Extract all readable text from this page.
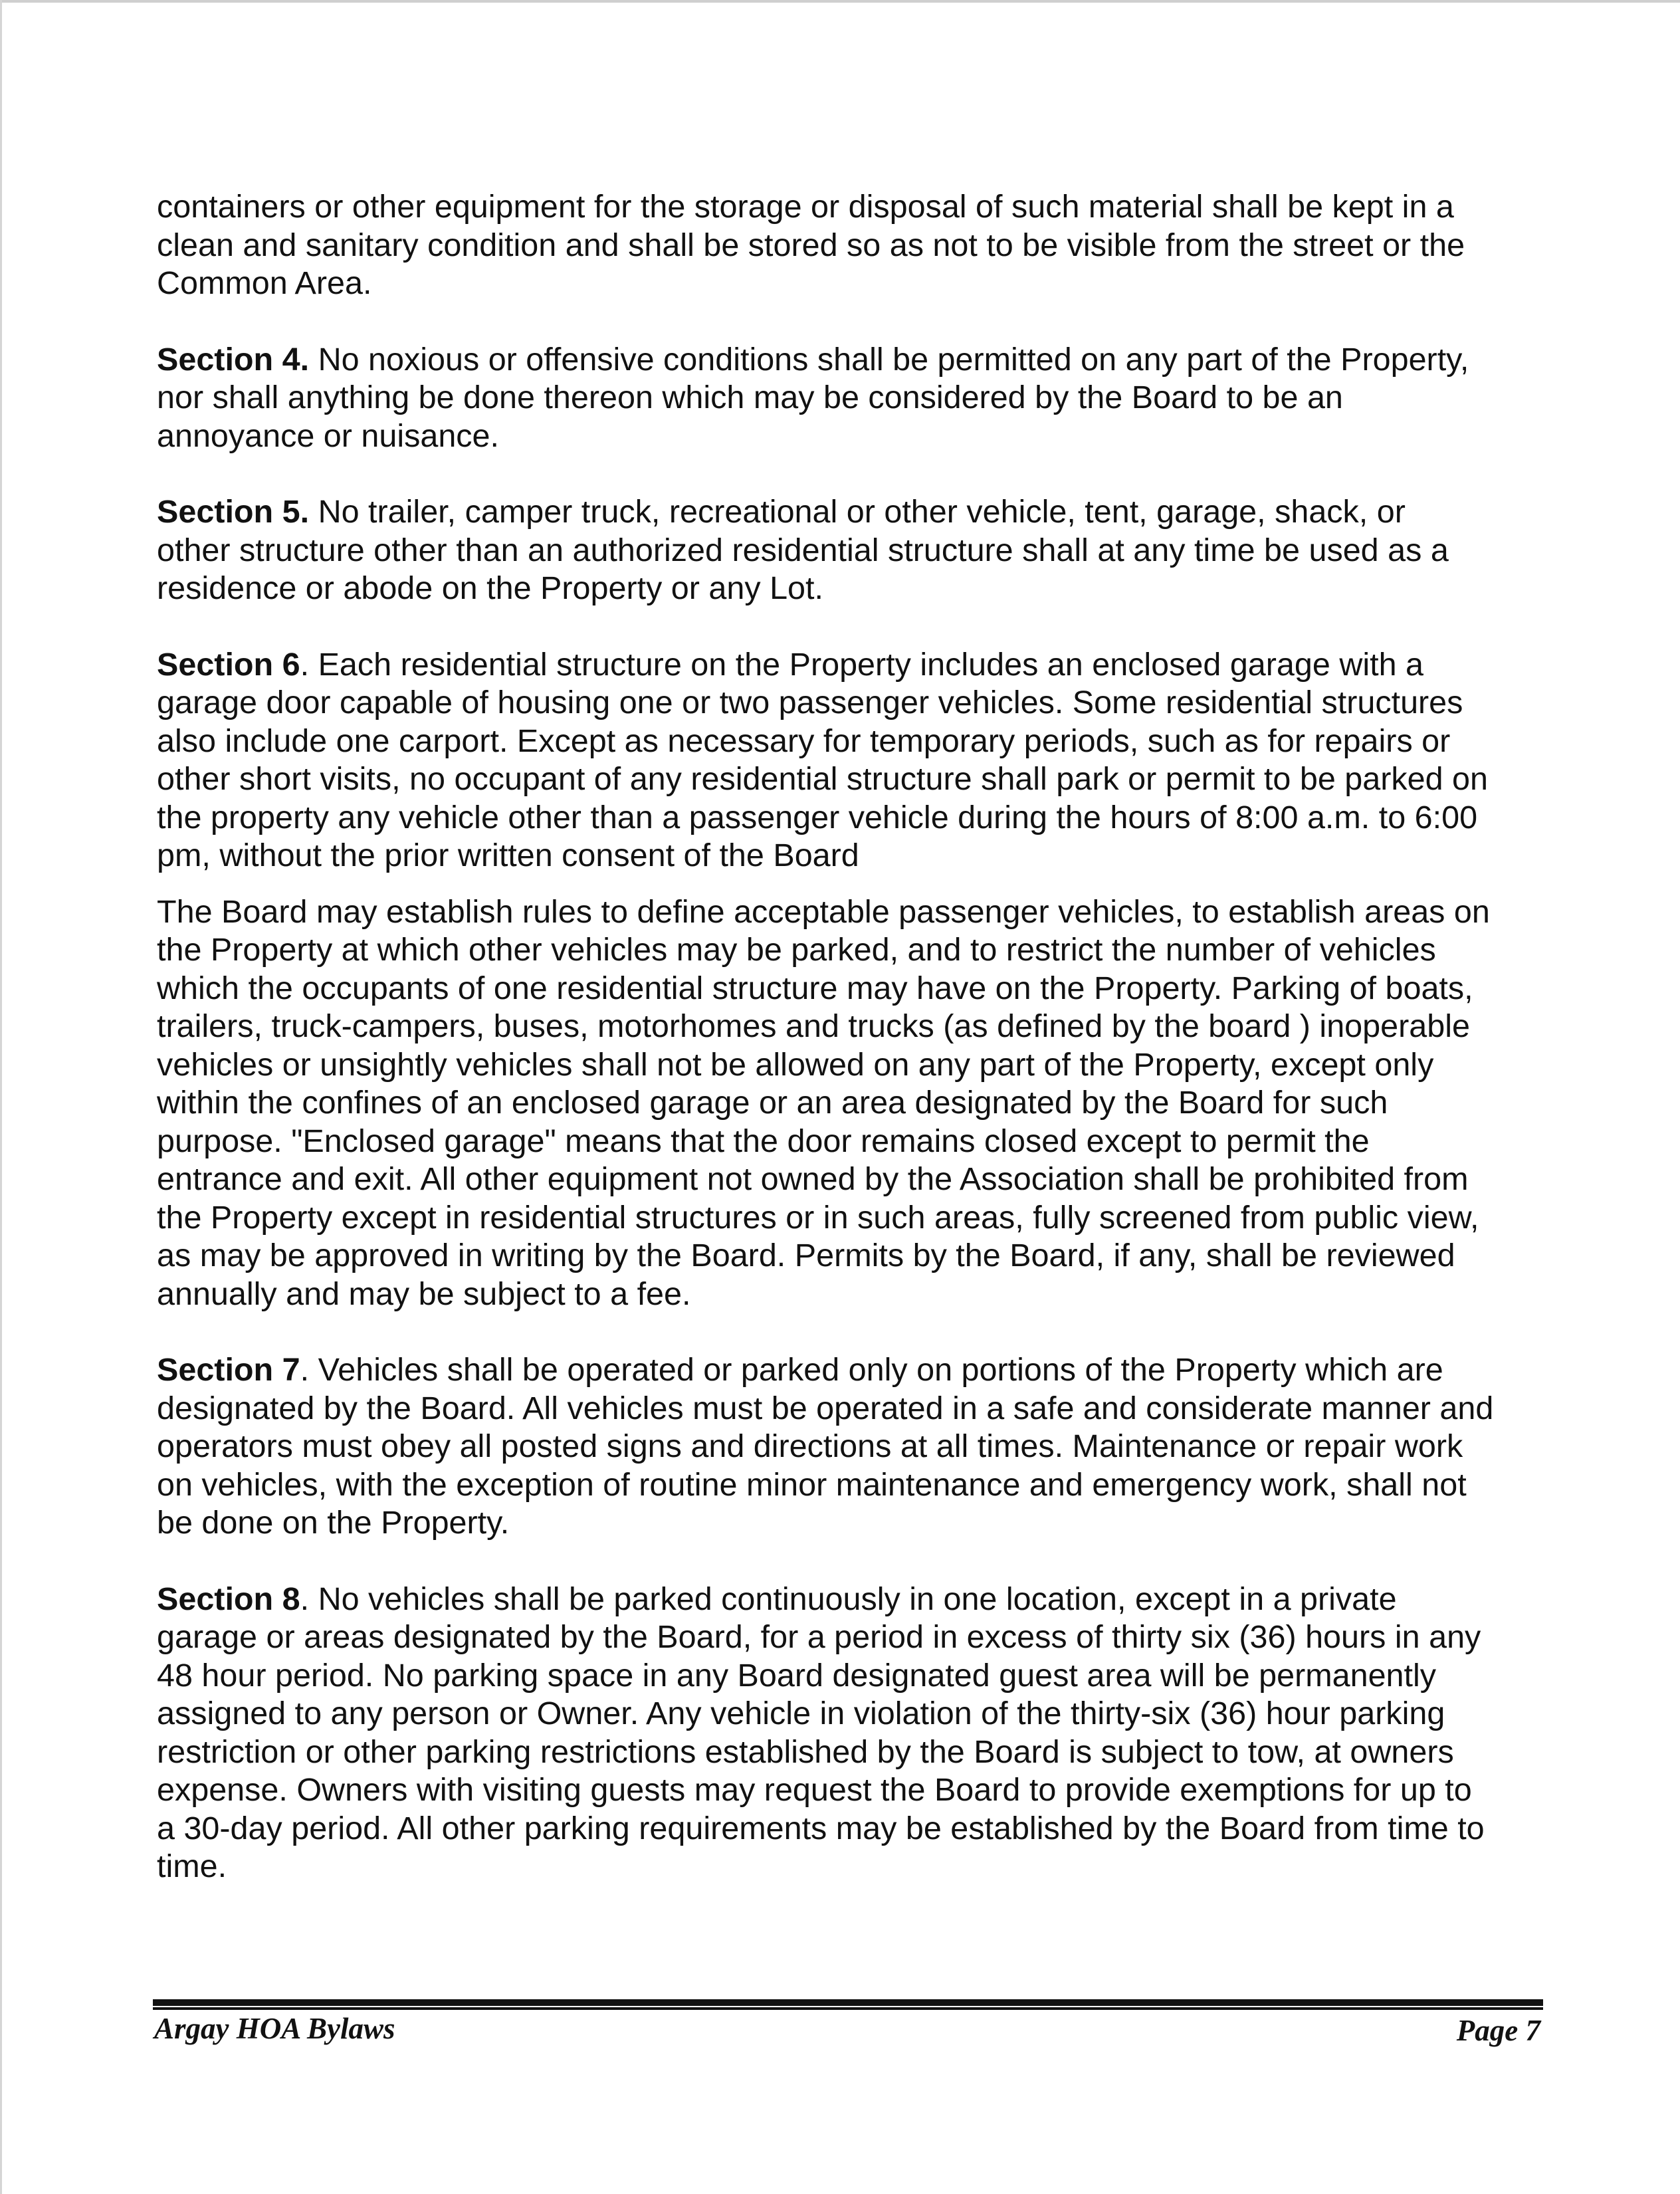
containers or other equipment for the storage or disposal of such material shall be kept in a
clean and sanitary condition and shall be stored so as not to be visible from the street or the
Common Area.

Section 4. No noxious or offensive conditions shall be permitted on any part of the Property,
nor shall anything be done thereon which may be considered by the Board to be an
annoyance or nuisance.

Section 5. No trailer, camper truck, recreational or other vehicle, tent, garage, shack, or
other structure other than an authorized residential structure shall at any time be used as a
residence or abode on the Property or any Lot.

Section 6. Each residential structure on the Property includes an enclosed garage with a
garage door capable of housing one or two passenger vehicles. Some residential structures
also include one carport. Except as necessary for temporary periods, such as for repairs or
other short visits, no occupant of any residential structure shall park or permit to be parked on
the property any vehicle other than a passenger vehicle during the hours of 8:00 a.m. to 6:00
pm, without the prior written consent of the Board

The Board may establish rules to define acceptable passenger vehicles, to establish areas on
the Property at which other vehicles may be parked, and to restrict the number of vehicles
which the occupants of one residential structure may have on the Property. Parking of boats,
trailers, truck-campers, buses, motorhomes and trucks (as defined by the board ) inoperable
vehicles or unsightly vehicles shall not be allowed on any part of the Property, except only
within the confines of an enclosed garage or an area designated by the Board for such
purpose. "Enclosed garage" means that the door remains closed except to permit the
entrance and exit. All other equipment not owned by the Association shall be prohibited from
the Property except in residential structures or in such areas, fully screened from public view,
as may be approved in writing by the Board. Permits by the Board, if any, shall be reviewed
annually and may be subject to a fee.

Section 7. Vehicles shall be operated or parked only on portions of the Property which are
designated by the Board. All vehicles must be operated in a safe and considerate manner and
operators must obey all posted signs and directions at all times. Maintenance or repair work
on vehicles, with the exception of routine minor maintenance and emergency work, shall not
be done on the Property.

Section 8. No vehicles shall be parked continuously in one location, except in a private
garage or areas designated by the Board, for a period in excess of thirty six (36) hours in any
48 hour period. No parking space in any Board designated guest area will be permanently
assigned to any person or Owner. Any vehicle in violation of the thirty-six (36) hour parking
restriction or other parking restrictions established by the Board is subject to tow, at owners
expense. Owners with visiting guests may request the Board to provide exemptions for up to
a 30-day period. All other parking requirements may be established by the Board from time to
time.

Argay HOA Bylaws	Page 7
